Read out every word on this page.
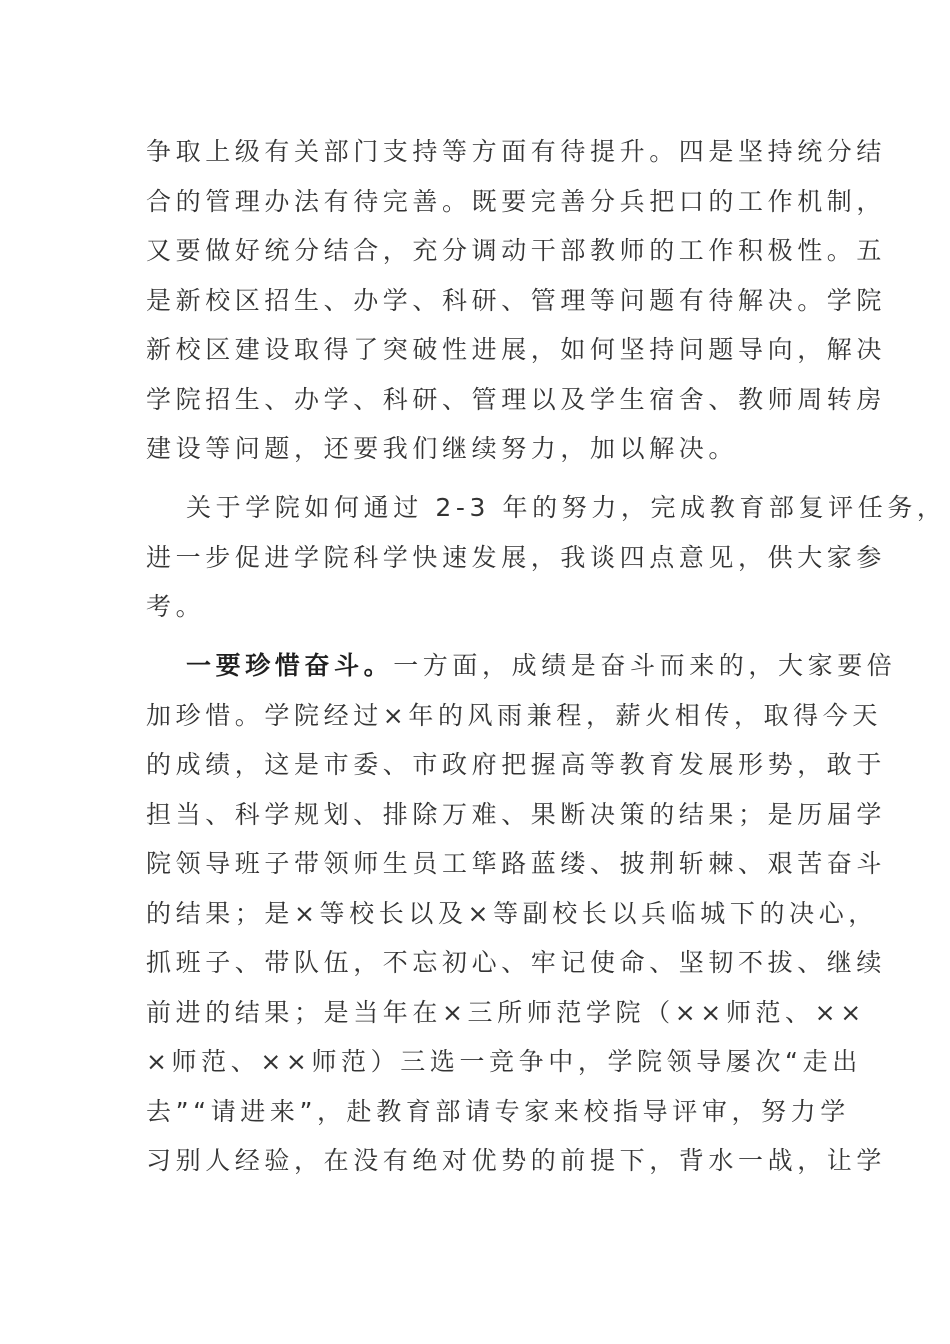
争取上级有关部门支持等方面有待提升。四是坚持统分结
合的管理办法有待完善。既要完善分兵把口的工作机制，
又要做好统分结合，充分调动干部教师的工作积极性。五
是新校区招生、办学、科研、管理等问题有待解决。学院
新校区建设取得了突破性进展，如何坚持问题导向，解决
学院招生、办学、科研、管理以及学生宿舍、教师周转房
建设等问题，还要我们继续努力，加以解决。
关于学院如何通过 2-3 年的努力，完成教育部复评任务，
进一步促进学院科学快速发展，我谈四点意见，供大家参
考。
一要珍惜奋斗。一方面，成绩是奋斗而来的，大家要倍
加珍惜。学院经过×年的风雨兼程，薪火相传，取得今天
的成绩，这是市委、市政府把握高等教育发展形势，敢于
担当、科学规划、排除万难、果断决策的结果；是历届学
院领导班子带领师生员工筚路蓝缕、披荆斩棘、艰苦奋斗
的结果；是×等校长以及×等副校长以兵临城下的决心，
抓班子、带队伍，不忘初心、牢记使命、坚韧不拔、继续
前进的结果；是当年在×三所师范学院（××师范、××
×师范、××师范）三选一竞争中，学院领导屡次“走出
去”“请进来”，赴教育部请专家来校指导评审，努力学
习别人经验，在没有绝对优势的前提下，背水一战，让学
